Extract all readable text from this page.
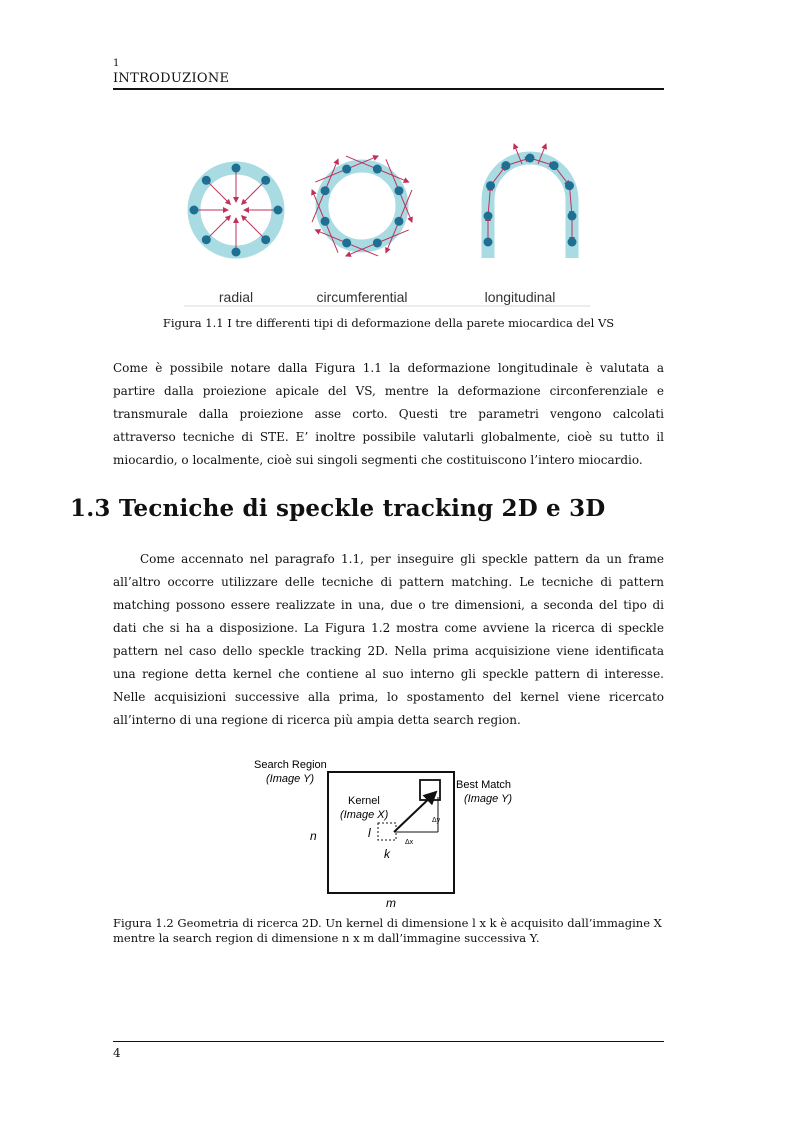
1
INTRODUZIONE
radial	circumferential	longitudinal
Figura 1.1 I tre differenti tipi di deformazione della parete miocardica del VS

Come è possibile notare dalla Figura 1.1 la deformazione longitudinale è valutata a partire dalla proiezione apicale del VS, mentre la deformazione circonferenziale e transmurale dalla proiezione asse corto. Questi tre parametri vengono calcolati attraverso tecniche di STE. E’ inoltre possibile valutarli globalmente, cioè su tutto il miocardio, o localmente, cioè sui singoli segmenti che costituiscono l’intero miocardio.

1.3 Tecniche di speckle tracking 2D e 3D

Come accennato nel paragrafo 1.1, per inseguire gli speckle pattern da un frame all’altro occorre utilizzare delle tecniche di pattern matching. Le tecniche di pattern matching possono essere realizzate in una, due o tre dimensioni, a seconda del tipo di dati che si ha a disposizione. La Figura 1.2 mostra come avviene la ricerca di speckle pattern nel caso dello speckle tracking 2D. Nella prima acquisizione viene identificata una regione detta kernel che contiene al suo interno gli speckle pattern di interesse. Nelle acquisizioni successive alla prima, lo spostamento del kernel viene ricercato all’interno di una regione di ricerca più ampia detta search region.

Search Region
(Image Y)	Best Match
(Image Y)
Kernel
(Image X)
Δx
Δy
n	l
k
m

Figura 1.2 Geometria di ricerca 2D. Un kernel di dimensione l x k è acquisito dall’immagine X mentre la search region di dimensione n x m dall’immagine successiva Y.

4
